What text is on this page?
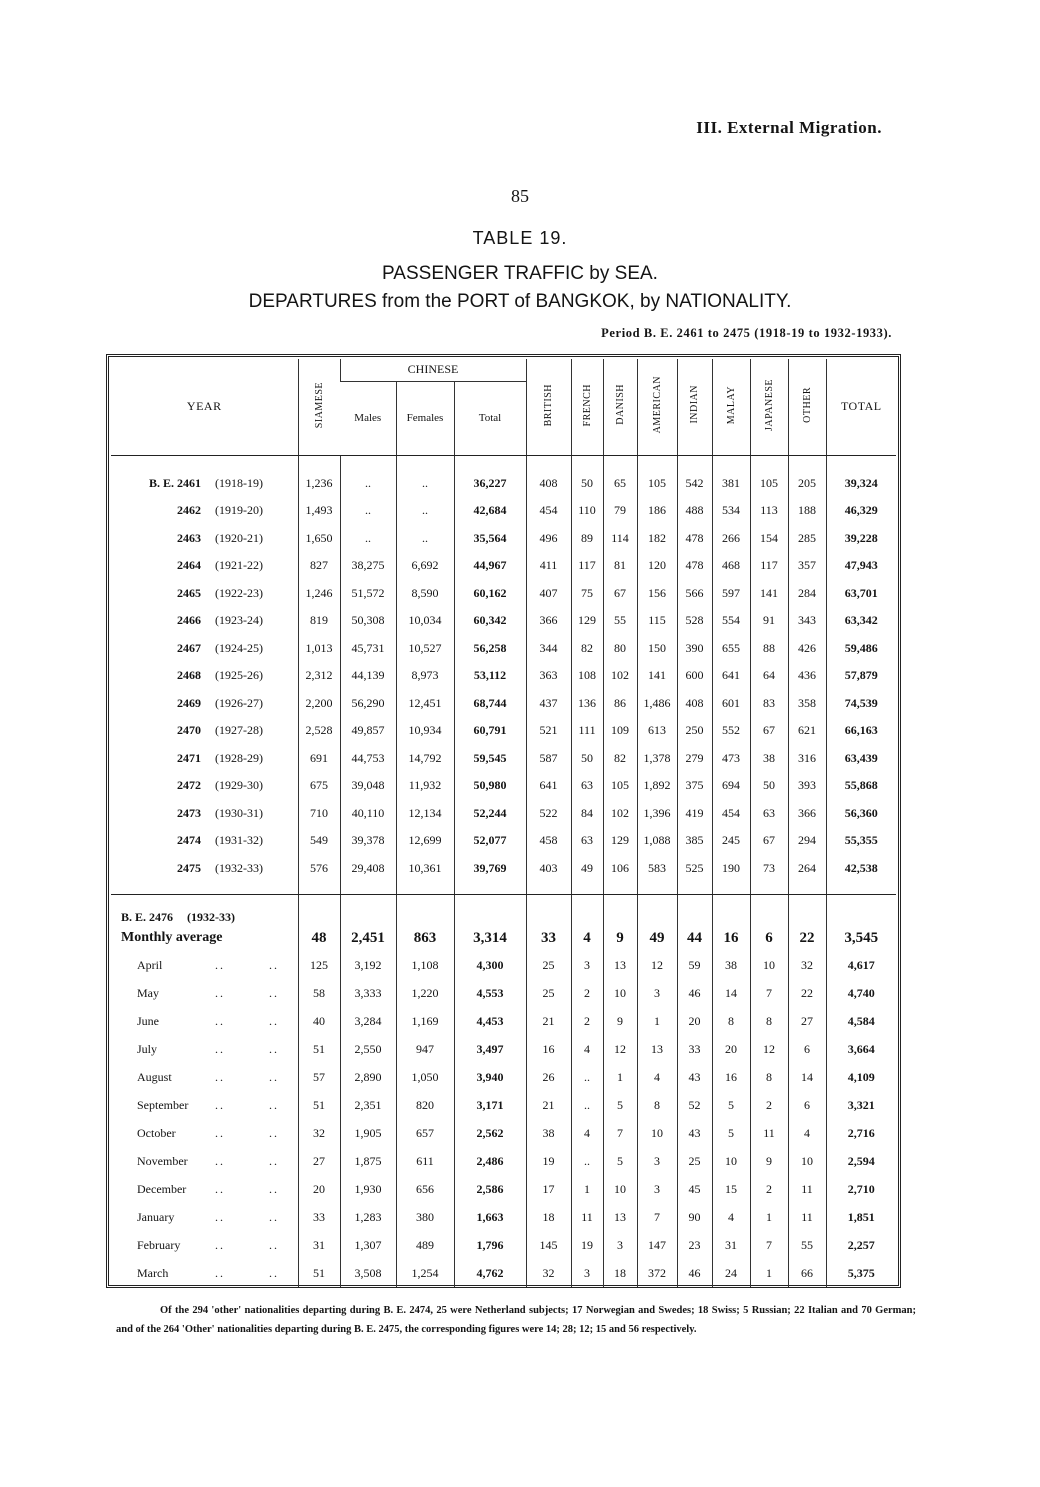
III. External Migration.
85
TABLE 19.
PASSENGER TRAFFIC by SEA.
DEPARTURES from the PORT of BANGKOK, by NATIONALITY.
Period B. E. 2461 to 2475 (1918-19 to 1932-1933).
YEAR	SIAMESE	CHINESE			BRITISH	FRENCH	DANISH	AMERICAN	INDIAN	MALAY	JAPANESE	OTHER	TOTAL
		Males	Females	Total									

B. E. 2461 (1918-19)	1,236	..	..	36,227	408	50	65	105	542	381	105	205	39,324
2462 (1919-20)	1,493	..	..	42,684	454	110	79	186	488	534	113	188	46,329
2463 (1920-21)	1,650	..	..	35,564	496	89	114	182	478	266	154	285	39,228
2464 (1921-22)	827	38,275	6,692	44,967	411	117	81	120	478	468	117	357	47,943
2465 (1922-23)	1,246	51,572	8,590	60,162	407	75	67	156	566	597	141	284	63,701
2466 (1923-24)	819	50,308	10,034	60,342	366	129	55	115	528	554	91	343	63,342
2467 (1924-25)	1,013	45,731	10,527	56,258	344	82	80	150	390	655	88	426	59,486
2468 (1925-26)	2,312	44,139	8,973	53,112	363	108	102	141	600	641	64	436	57,879
2469 (1926-27)	2,200	56,290	12,451	68,744	437	136	86	1,486	408	601	83	358	74,539
2470 (1927-28)	2,528	49,857	10,934	60,791	521	111	109	613	250	552	67	621	66,163
2471 (1928-29)	691	44,753	14,792	59,545	587	50	82	1,378	279	473	38	316	63,439
2472 (1929-30)	675	39,048	11,932	50,980	641	63	105	1,892	375	694	50	393	55,868
2473 (1930-31)	710	40,110	12,134	52,244	522	84	102	1,396	419	454	63	366	56,360
2474 (1931-32)	549	39,378	12,699	52,077	458	63	129	1,088	385	245	67	294	55,355
2475 (1932-33)	576	29,408	10,361	39,769	403	49	106	583	525	190	73	264	42,538

B. E. 2476 (1932-33)													
Monthly average	48	2,451	863	3,314	33	4	9	49	44	16	6	22	3,545
April .. ..	125	3,192	1,108	4,300	25	3	13	12	59	38	10	32	4,617
May .. ..	58	3,333	1,220	4,553	25	2	10	3	46	14	7	22	4,740
June .. ..	40	3,284	1,169	4,453	21	2	9	1	20	8	8	27	4,584
July .. ..	51	2,550	947	3,497	16	4	12	13	33	20	12	6	3,664
August .. ..	57	2,890	1,050	3,940	26	..	1	4	43	16	8	14	4,109
September .. ..	51	2,351	820	3,171	21	..	5	8	52	5	2	6	3,321
October .. ..	32	1,905	657	2,562	38	4	7	10	43	5	11	4	2,716
November .. ..	27	1,875	611	2,486	19	..	5	3	25	10	9	10	2,594
December .. ..	20	1,930	656	2,586	17	1	10	3	45	15	2	11	2,710
January .. ..	33	1,283	380	1,663	18	11	13	7	90	4	1	11	1,851
February .. ..	31	1,307	489	1,796	145	19	3	147	23	31	7	55	2,257
March .. ..	51	3,508	1,254	4,762	32	3	18	372	46	24	1	66	5,375

Of the 294 'other' nationalities departing during B. E. 2474, 25 were Netherland subjects; 17 Norwegian and Swedes; 18 Swiss; 5 Russian; 22 Italian and 70 German; and of the 264 'Other' nationalities departing during B. E. 2475, the corresponding figures were 14; 28; 12; 15 and 56 respectively.
